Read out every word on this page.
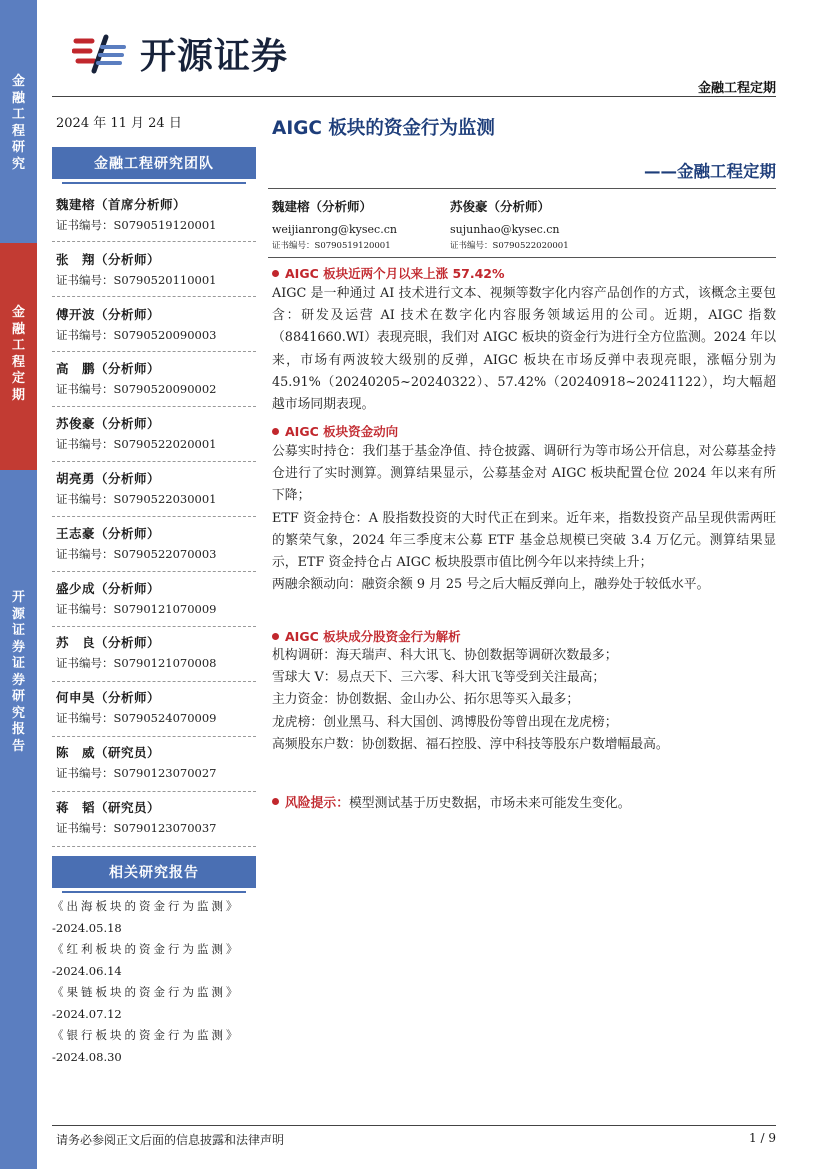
金融工程研究
金融工程定期
开源证券证券研究报告
开源证券
金融工程定期
2024 年 11 月 24 日
金融工程研究团队
魏建榕（首席分析师）
证书编号：S0790519120001
张　翔（分析师）
证书编号：S0790520110001
傅开波（分析师）
证书编号：S0790520090003
高　鹏（分析师）
证书编号：S0790520090002
苏俊豪（分析师）
证书编号：S0790522020001
胡亮勇（分析师）
证书编号：S0790522030001
王志豪（分析师）
证书编号：S0790522070003
盛少成（分析师）
证书编号：S0790121070009
苏　良（分析师）
证书编号：S0790121070008
何申昊（分析师）
证书编号：S0790524070009
陈　威（研究员）
证书编号：S0790123070027
蒋　韬（研究员）
证书编号：S0790123070037
相关研究报告
《出海板块的资金行为监测》
-2024.05.18
《红利板块的资金行为监测》
-2024.06.14
《果链板块的资金行为监测》
-2024.07.12
《银行板块的资金行为监测》
-2024.08.30
AIGC 板块的资金行为监测
——金融工程定期
魏建榕（分析师）
weijianrong@kysec.cn
证书编号：S0790519120001
苏俊豪（分析师）
sujunhao@kysec.cn
证书编号：S0790522020001
AIGC 板块近两个月以来上涨 57.42%

AIGC 是一种通过 AI 技术进行文本、视频等数字化内容产品创作的方式，该概念主要包含：研发及运营 AI 技术在数字化内容服务领域运用的公司。近期，AIGC 指数（8841660.WI）表现亮眼，我们对 AIGC 板块的资金行为进行全方位监测。2024 年以来，市场有两波较大级别的反弹，AIGC 板块在市场反弹中表现亮眼，涨幅分别为 45.91%（20240205~20240322）、57.42%（20240918~20241122），均大幅超越市场同期表现。

AIGC 板块资金动向

公募实时持仓：我们基于基金净值、持仓披露、调研行为等市场公开信息，对公募基金持仓进行了实时测算。测算结果显示，公募基金对 AIGC 板块配置仓位 2024 年以来有所下降；

ETF 资金持仓：A 股指数投资的大时代正在到来。近年来，指数投资产品呈现供需两旺的繁荣气象，2024 年三季度末公募 ETF 基金总规模已突破 3.4 万亿元。测算结果显示，ETF 资金持仓占 AIGC 板块股票市值比例今年以来持续上升；

两融余额动向：融资余额 9 月 25 号之后大幅反弹向上，融券处于较低水平。

AIGC 板块成分股资金行为解析

机构调研：海天瑞声、科大讯飞、协创数据等调研次数最多；

雪球大 V：易点天下、三六零、科大讯飞等受到关注最高；

主力资金：协创数据、金山办公、拓尔思等买入最多；

龙虎榜：创业黑马、科大国创、鸿博股份等曾出现在龙虎榜；

高频股东户数：协创数据、福石控股、淳中科技等股东户数增幅最高。

风险提示： 模型测试基于历史数据，市场未来可能发生变化。
请务必参阅正文后面的信息披露和法律声明	1 / 9
